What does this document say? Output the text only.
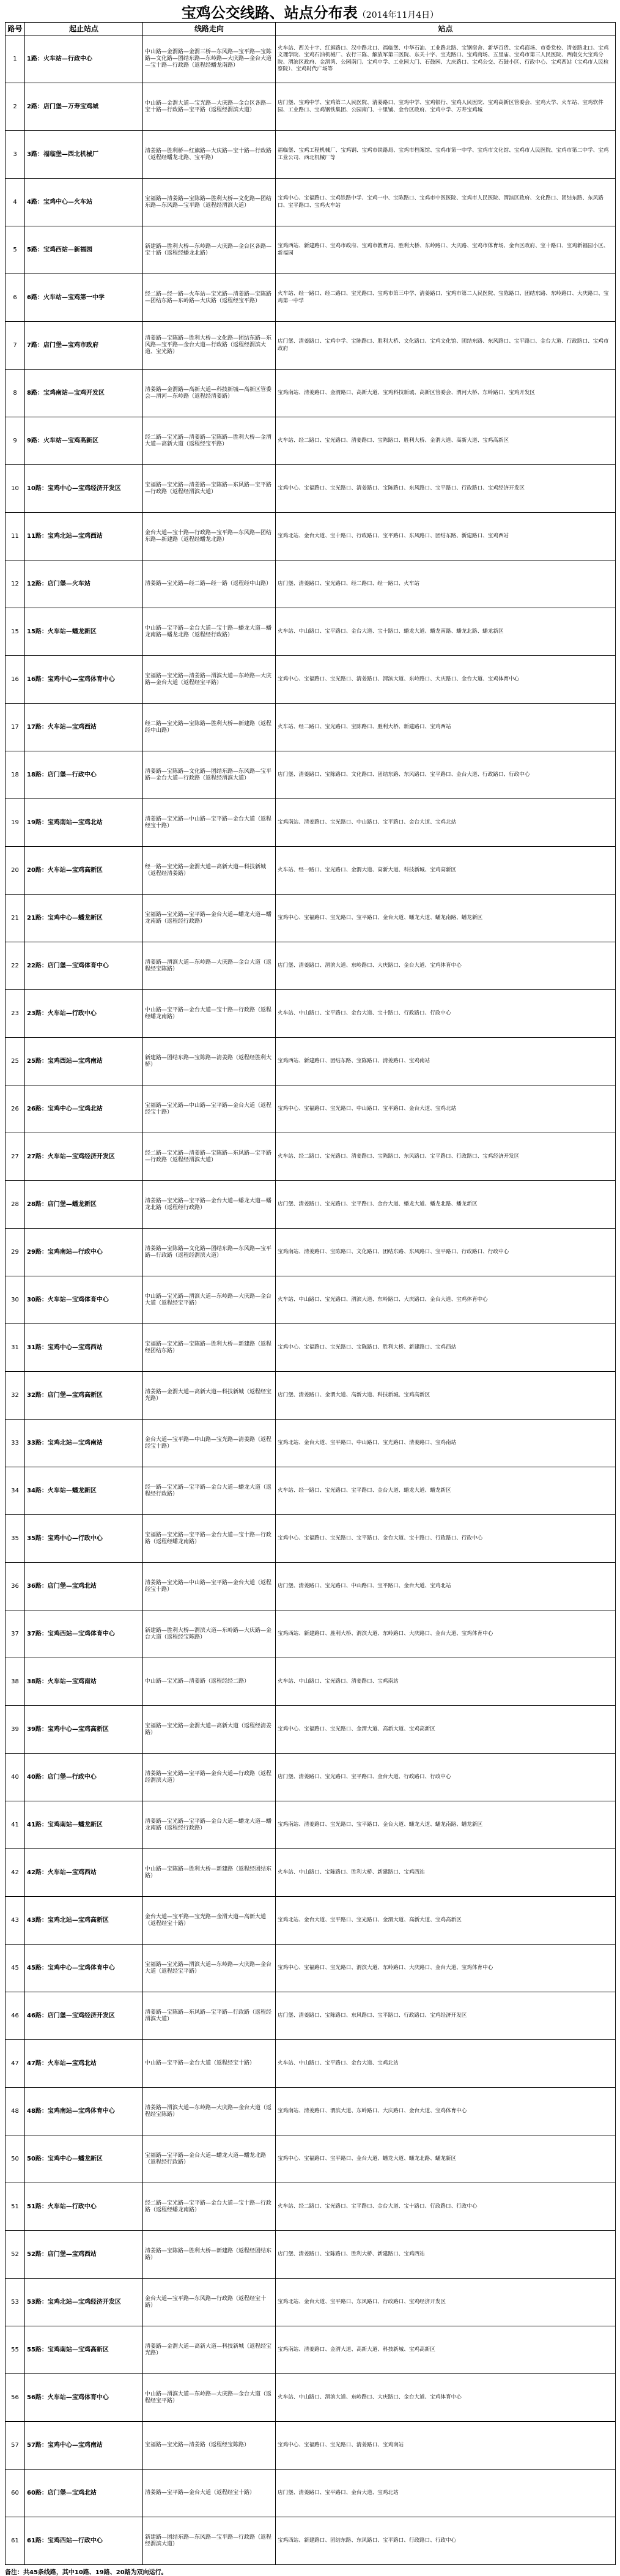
宝鸡公交线路、站点分布表（2014年11月4日）
路号	起止站点	线路走向	站点
1	1路：火车站—行政中心	中山路—金渭路—金渭三桥—东风路—宝平路—宝陈路—文化路—团结东路—东岭路—大庆路—金台大道—宝十路—行政路（返程经蟠龙南路）	火车站、西关十字、红旗路口、汉中路北口、福临堡、中华石油、工业路北路、宝钢宿舍、新华百货、宝鸡商场、市委党校、清姜路北口、宝鸡文理学院、宝鸡石油机械厂、农行三陈、解放军第三医院、东关十字、宝光路口、宝鸡商场、五里庙、宝鸡市第三人民医院、西南交大宝鸡分院、渭滨区政府、金渭湾、公园南门、宝鸡中学、工业园大门、石鼓园、大庆路口、宝鸡公交、石鼓小区、行政中心、宝鸡西站（宝鸡市人民检察院）、宝鸡时代广场等
2	2路：店门堡—万寿宝鸡城	中山路—金渭大道—宝光路—大庆路—金台区各路—宝十路—行政路—宝平路（返程经渭滨大道）	店门堡、宝鸡中学、宝鸡第二人民医院、清姜路口、宝鸡中学、宝鸡银行、宝鸡人民医院、宝鸡高新区管委会、宝鸡大学、火车站、宝鸡软件园、工业路口、宝鸡钢铁集团、公园南门、十里铺、金台区政府、宝鸡中学、万寿宝鸡城
3	3路：福临堡—西北机械厂	清姜路—胜利桥—红旗路—大庆路—宝十路—行政路（返程经蟠龙北路、宝平路）	福临堡、宝鸡工程机械厂、宝鸡钢、宝鸡市铁路局、宝鸡市档案馆、宝鸡市第一中学、宝鸡市文化馆、宝鸡市人民医院、宝鸡市第二中学、宝鸡工业公司、西北机械厂等
4	4路：宝鸡中心—火车站	宝福路—清姜路—宝陈路—胜利大桥—文化路—团结东路—东风路—宝平路（返程经渭滨大道）	宝鸡中心、宝福路口、宝鸡铁路中学、宝鸡一中、宝陈路口、宝鸡市中医医院、宝鸡市人民医院、渭滨区政府、文化路口、团结东路、东风路口、宝平路口、宝鸡火车站
5	5路：宝鸡西站—新福园	新建路—胜利大桥—东岭路—大庆路—金台区各路—宝十路（返程经蟠龙北路）	宝鸡西站、新建路口、宝鸡市政府、宝鸡市教育局、胜利大桥、东岭路口、大庆路、宝鸡市体育场、金台区政府、宝十路口、宝鸡新福园小区、新福园
6	6路：火车站—宝鸡第一中学	经二路—经一路—火车站—宝光路—清姜路—宝陈路—团结东路—东岭路—大庆路（返程经宝平路）	火车站、经一路口、经二路口、宝光路口、宝鸡市第三中学、清姜路口、宝鸡市第二人民医院、宝陈路口、团结东路、东岭路口、大庆路口、宝鸡第一中学
7	7路：店门堡—宝鸡市政府	清姜路—宝陈路—胜利大桥—文化路—团结东路—东风路—宝平路—金台大道—行政路（返程经渭滨大道、宝光路）	店门堡、清姜路口、宝鸡中学、宝陈路口、胜利大桥、文化路口、宝鸡文化馆、团结东路、东风路口、宝平路口、金台大道、行政路口、宝鸡市政府
8	8路：宝鸡南站—宝鸡开发区	清姜路—金渭路—高新大道—科技新城—高新区管委会—渭河—东岭路（返程经清姜路）	宝鸡南站、清姜路口、金渭路口、高新大道、宝鸡科技新城、高新区管委会、渭河大桥、东岭路口、宝鸡开发区
9	9路：火车站—宝鸡高新区	经二路—宝光路—清姜路—宝陈路—胜利大桥—金渭大道—高新大道（返程经宝平路）	火车站、经二路口、宝光路口、清姜路口、宝陈路口、胜利大桥、金渭大道、高新大道、宝鸡高新区
10	10路：宝鸡中心—宝鸡经济开发区	宝福路—宝光路—清姜路—宝陈路—东风路—宝平路—行政路（返程经渭滨大道）	宝鸡中心、宝福路口、宝光路口、清姜路口、宝陈路口、东风路口、宝平路口、行政路口、宝鸡经济开发区
11	11路：宝鸡北站—宝鸡西站	金台大道—宝十路—行政路—宝平路—东风路—团结东路—新建路（返程经蟠龙北路）	宝鸡北站、金台大道、宝十路口、行政路口、宝平路口、东风路口、团结东路、新建路口、宝鸡西站
12	12路：店门堡—火车站	清姜路—宝光路—经二路—经一路（返程经中山路）	店门堡、清姜路口、宝光路口、经二路口、经一路口、火车站
15	15路：火车站—蟠龙新区	中山路—宝平路—金台大道—宝十路—蟠龙大道—蟠龙南路—蟠龙北路（返程经行政路）	火车站、中山路口、宝平路口、金台大道、宝十路口、蟠龙大道、蟠龙南路、蟠龙北路、蟠龙新区
16	16路：宝鸡中心—宝鸡体育中心	宝福路—宝光路—清姜路—渭滨大道—东岭路—大庆路—金台大道（返程经宝平路）	宝鸡中心、宝福路口、宝光路口、清姜路口、渭滨大道、东岭路口、大庆路口、金台大道、宝鸡体育中心
17	17路：火车站—宝鸡西站	经二路—宝光路—宝陈路—胜利大桥—新建路（返程经中山路）	火车站、经二路口、宝光路口、宝陈路口、胜利大桥、新建路口、宝鸡西站
18	18路：店门堡—行政中心	清姜路—宝陈路—文化路—团结东路—东风路—宝平路—金台大道—行政路（返程经渭滨大道）	店门堡、清姜路口、宝陈路口、文化路口、团结东路、东风路口、宝平路口、金台大道、行政路口、行政中心
19	19路：宝鸡南站—宝鸡北站	清姜路—宝光路—中山路—宝平路—金台大道（返程经宝十路）	宝鸡南站、清姜路口、宝光路口、中山路口、宝平路口、金台大道、宝鸡北站
20	20路：火车站—宝鸡高新区	经一路—宝光路—金渭大道—高新大道—科技新城（返程经清姜路）	火车站、经一路口、宝光路口、金渭大道、高新大道、科技新城、宝鸡高新区
21	21路：宝鸡中心—蟠龙新区	宝福路—宝光路—宝平路—金台大道—蟠龙大道—蟠龙南路（返程经行政路）	宝鸡中心、宝福路口、宝光路口、宝平路口、金台大道、蟠龙大道、蟠龙南路、蟠龙新区
22	22路：店门堡—宝鸡体育中心	清姜路—渭滨大道—东岭路—大庆路—金台大道（返程经宝陈路）	店门堡、清姜路口、渭滨大道、东岭路口、大庆路口、金台大道、宝鸡体育中心
23	23路：火车站—行政中心	中山路—宝平路—金台大道—宝十路—行政路（返程经蟠龙南路）	火车站、中山路口、宝平路口、金台大道、宝十路口、行政路口、行政中心
25	25路：宝鸡西站—宝鸡南站	新建路—团结东路—宝陈路—清姜路（返程经胜利大桥）	宝鸡西站、新建路口、团结东路、宝陈路口、清姜路口、宝鸡南站
26	26路：宝鸡中心—宝鸡北站	宝福路—宝光路—中山路—宝平路—金台大道（返程经宝十路）	宝鸡中心、宝福路口、宝光路口、中山路口、宝平路口、金台大道、宝鸡北站
27	27路：火车站—宝鸡经济开发区	经二路—宝光路—清姜路—宝陈路—东风路—宝平路—行政路（返程经渭滨大道）	火车站、经二路口、宝光路口、清姜路口、宝陈路口、东风路口、宝平路口、行政路口、宝鸡经济开发区
28	28路：店门堡—蟠龙新区	清姜路—宝光路—宝平路—金台大道—蟠龙大道—蟠龙北路（返程经行政路）	店门堡、清姜路口、宝光路口、宝平路口、金台大道、蟠龙大道、蟠龙北路、蟠龙新区
29	29路：宝鸡南站—行政中心	清姜路—宝陈路—文化路—团结东路—东风路—宝平路—行政路（返程经渭滨大道）	宝鸡南站、清姜路口、宝陈路口、文化路口、团结东路、东风路口、宝平路口、行政路口、行政中心
30	30路：火车站—宝鸡体育中心	中山路—宝光路—渭滨大道—东岭路—大庆路—金台大道（返程经宝平路）	火车站、中山路口、宝光路口、渭滨大道、东岭路口、大庆路口、金台大道、宝鸡体育中心
31	31路：宝鸡中心—宝鸡西站	宝福路—宝光路—宝陈路—胜利大桥—新建路（返程经团结东路）	宝鸡中心、宝福路口、宝光路口、宝陈路口、胜利大桥、新建路口、宝鸡西站
32	32路：店门堡—宝鸡高新区	清姜路—金渭大道—高新大道—科技新城（返程经宝光路）	店门堡、清姜路口、金渭大道、高新大道、科技新城、宝鸡高新区
33	33路：宝鸡北站—宝鸡南站	金台大道—宝平路—中山路—宝光路—清姜路（返程经宝十路）	宝鸡北站、金台大道、宝平路口、中山路口、宝光路口、清姜路口、宝鸡南站
34	34路：火车站—蟠龙新区	经一路—宝光路—宝平路—金台大道—蟠龙大道（返程经行政路）	火车站、经一路口、宝光路口、宝平路口、金台大道、蟠龙大道、蟠龙新区
35	35路：宝鸡中心—行政中心	宝福路—宝光路—宝平路—金台大道—宝十路—行政路（返程经蟠龙南路）	宝鸡中心、宝福路口、宝光路口、宝平路口、金台大道、宝十路口、行政路口、行政中心
36	36路：店门堡—宝鸡北站	清姜路—宝光路—中山路—宝平路—金台大道（返程经宝十路）	店门堡、清姜路口、宝光路口、中山路口、宝平路口、金台大道、宝鸡北站
37	37路：宝鸡西站—宝鸡体育中心	新建路—胜利大桥—渭滨大道—东岭路—大庆路—金台大道（返程经宝陈路）	宝鸡西站、新建路口、胜利大桥、渭滨大道、东岭路口、大庆路口、金台大道、宝鸡体育中心
38	38路：火车站—宝鸡南站	中山路—宝光路—清姜路（返程经经二路）	火车站、中山路口、宝光路口、清姜路口、宝鸡南站
39	39路：宝鸡中心—宝鸡高新区	宝福路—宝光路—金渭大道—高新大道（返程经清姜路）	宝鸡中心、宝福路口、宝光路口、金渭大道、高新大道、宝鸡高新区
40	40路：店门堡—行政中心	清姜路—宝光路—宝平路—金台大道—行政路（返程经渭滨大道）	店门堡、清姜路口、宝光路口、宝平路口、金台大道、行政路口、行政中心
41	41路：宝鸡南站—蟠龙新区	清姜路—宝光路—宝平路—金台大道—蟠龙大道—蟠龙南路（返程经行政路）	宝鸡南站、清姜路口、宝光路口、宝平路口、金台大道、蟠龙大道、蟠龙南路、蟠龙新区
42	42路：火车站—宝鸡西站	中山路—宝陈路—胜利大桥—新建路（返程经团结东路）	火车站、中山路口、宝陈路口、胜利大桥、新建路口、宝鸡西站
43	43路：宝鸡北站—宝鸡高新区	金台大道—宝平路—宝光路—金渭大道—高新大道（返程经宝十路）	宝鸡北站、金台大道、宝平路口、宝光路口、金渭大道、高新大道、宝鸡高新区
45	45路：宝鸡中心—宝鸡体育中心	宝福路—宝光路—渭滨大道—东岭路—大庆路—金台大道（返程经宝平路）	宝鸡中心、宝福路口、宝光路口、渭滨大道、东岭路口、大庆路口、金台大道、宝鸡体育中心
46	46路：店门堡—宝鸡经济开发区	清姜路—宝陈路—东风路—宝平路—行政路（返程经渭滨大道）	店门堡、清姜路口、宝陈路口、东风路口、宝平路口、行政路口、宝鸡经济开发区
47	47路：火车站—宝鸡北站	中山路—宝平路—金台大道（返程经宝十路）	火车站、中山路口、宝平路口、金台大道、宝鸡北站
48	48路：宝鸡南站—宝鸡体育中心	清姜路—渭滨大道—东岭路—大庆路—金台大道（返程经宝陈路）	宝鸡南站、清姜路口、渭滨大道、东岭路口、大庆路口、金台大道、宝鸡体育中心
50	50路：宝鸡中心—蟠龙新区	宝福路—宝平路—金台大道—蟠龙大道—蟠龙北路（返程经行政路）	宝鸡中心、宝福路口、宝平路口、金台大道、蟠龙大道、蟠龙北路、蟠龙新区
51	51路：火车站—行政中心	经二路—宝光路—宝平路—金台大道—宝十路—行政路（返程经蟠龙南路）	火车站、经二路口、宝光路口、宝平路口、金台大道、宝十路口、行政路口、行政中心
52	52路：店门堡—宝鸡西站	清姜路—宝陈路—胜利大桥—新建路（返程经团结东路）	店门堡、清姜路口、宝陈路口、胜利大桥、新建路口、宝鸡西站
53	53路：宝鸡北站—宝鸡经济开发区	金台大道—宝平路—东风路—行政路（返程经宝十路）	宝鸡北站、金台大道、宝平路口、东风路口、行政路口、宝鸡经济开发区
55	55路：宝鸡南站—宝鸡高新区	清姜路—金渭大道—高新大道—科技新城（返程经宝光路）	宝鸡南站、清姜路口、金渭大道、高新大道、科技新城、宝鸡高新区
56	56路：火车站—宝鸡体育中心	中山路—渭滨大道—东岭路—大庆路—金台大道（返程经宝平路）	火车站、中山路口、渭滨大道、东岭路口、大庆路口、金台大道、宝鸡体育中心
57	57路：宝鸡中心—宝鸡南站	宝福路—宝光路—清姜路（返程经宝陈路）	宝鸡中心、宝福路口、宝光路口、清姜路口、宝鸡南站
60	60路：店门堡—宝鸡北站	清姜路—宝平路—金台大道（返程经宝十路）	店门堡、清姜路口、宝平路口、金台大道、宝鸡北站
61	61路：宝鸡西站—行政中心	新建路—团结东路—东风路—宝平路—行政路（返程经渭滨大道）	宝鸡西站、新建路口、团结东路、东风路口、宝平路口、行政路口、行政中心
备注：共45条线路，其中10路、19路、20路为双向运行。
